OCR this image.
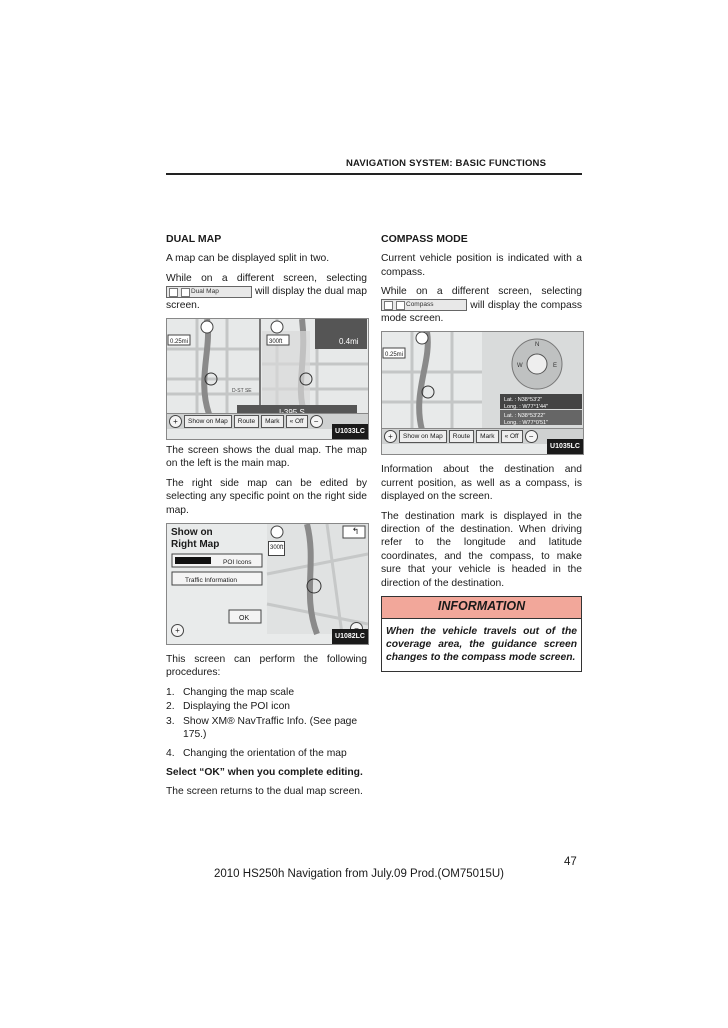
NAVIGATION SYSTEM: BASIC FUNCTIONS
DUAL MAP

A map can be displayed split in two.

While on a different screen, selecting
Dual Map	will display the dual map screen.

0.25mi	300ft	0.4mi
D-ST SE
+	Show on Map	Route	Mark	« Off	−
U1033LC

The screen shows the dual map. The map on the left is the main map.

The right side map can be edited by selecting any specific point on the right side map.

Show on
Right Map
POI Icons
Traffic Information
OK
300ft
↰
+
U1082LC

This screen can perform the following procedures:

1. Changing the map scale
2. Displaying the POI icon
3. Show XM® NavTraffic Info. (See page 175.)
4. Changing the orientation of the map

Select “OK” when you complete editing.

The screen returns to the dual map screen.

COMPASS MODE

Current vehicle position is indicated with a compass.

While on a different screen, selecting
Compass	will display the compass mode screen.

N
W	E
0.25mi
Lat. : N38°53'2"
Long. : W77°1'44"
Lat. : N38°53'22"
Long. : W77°0'51"
+	Show on Map	Route	Mark	« Off	−
U1035LC

Information about the destination and current position, as well as a compass, is displayed on the screen.

The destination mark is displayed in the direction of the destination. When driving refer to the longitude and latitude coordinates, and the compass, to make sure that your vehicle is headed in the direction of the destination.

INFORMATION
When the vehicle travels out of the coverage area, the guidance screen changes to the compass mode screen.
47
2010 HS250h Navigation from July.09 Prod.(OM75015U)
